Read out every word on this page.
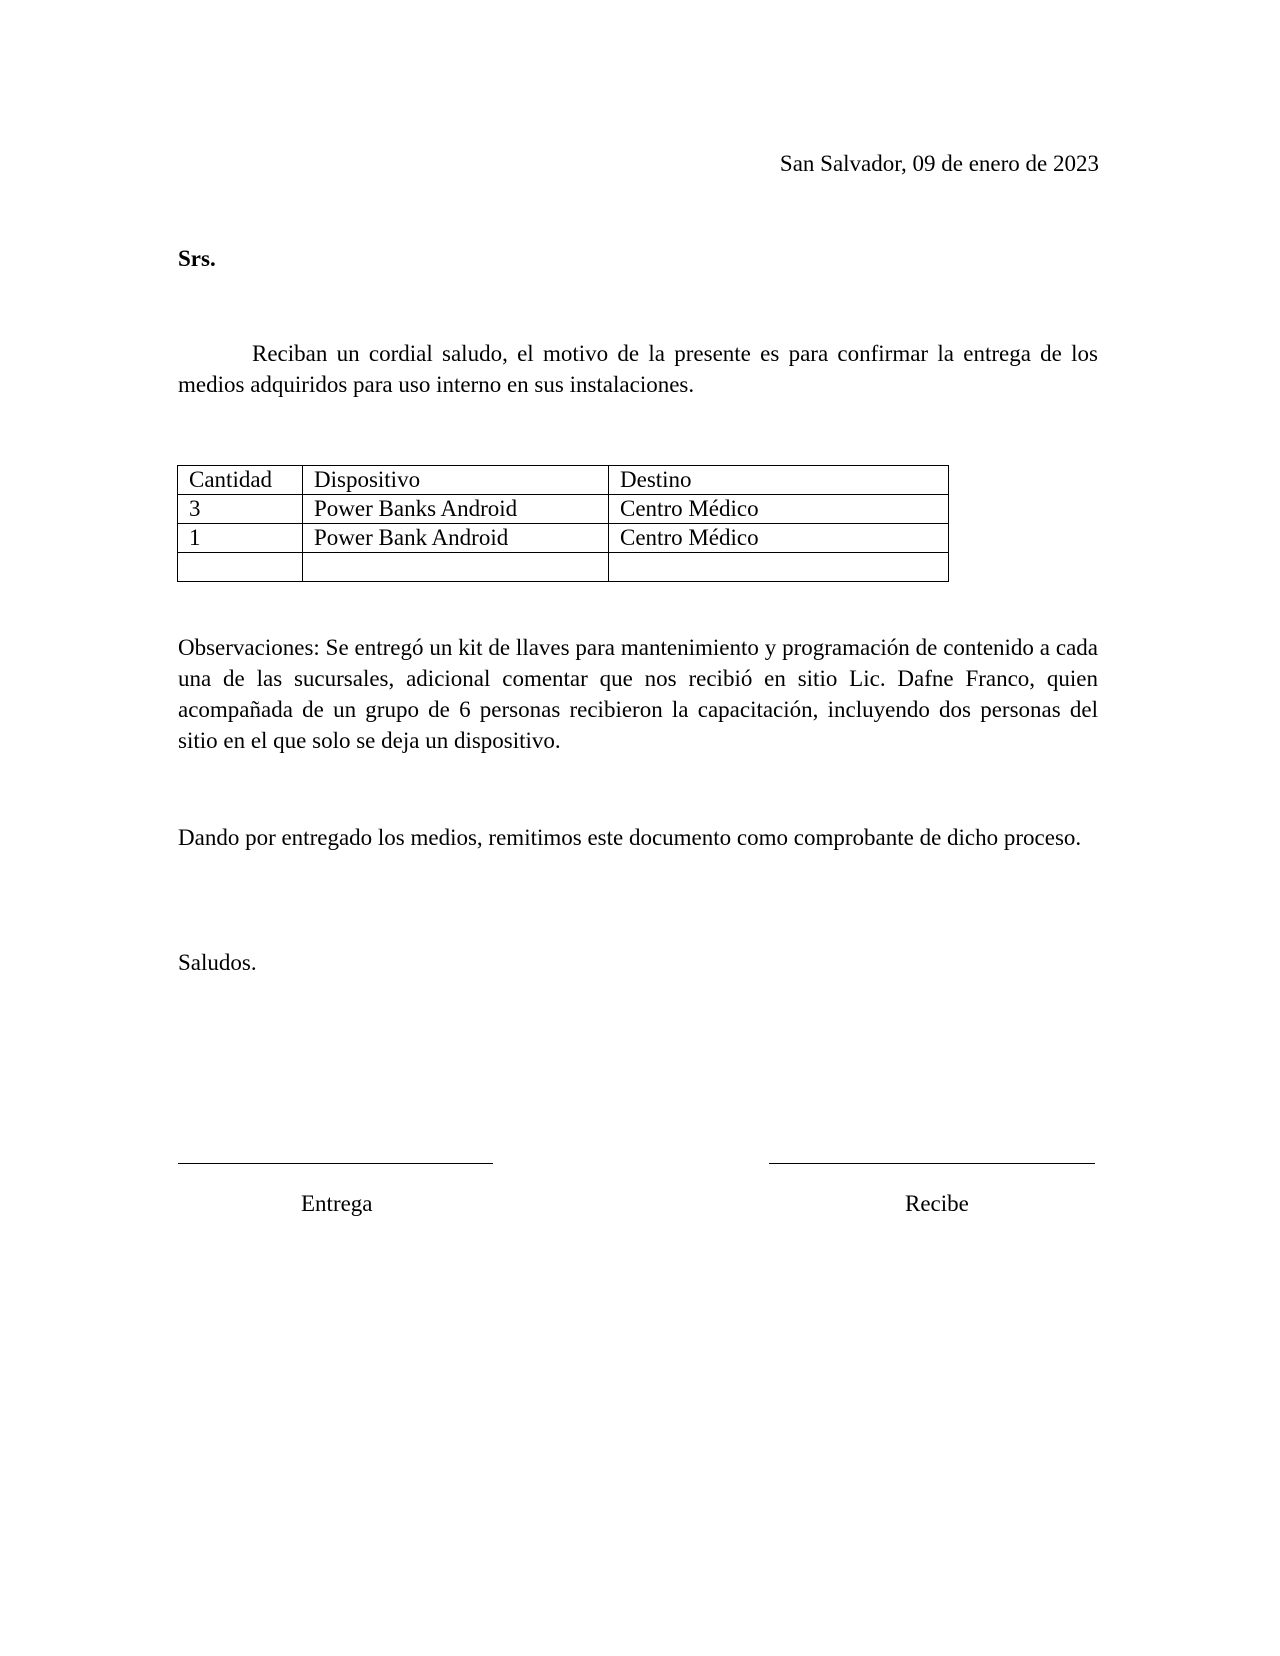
San Salvador, 09 de enero de 2023
Srs.
Reciban un cordial saludo, el motivo de la presente es para confirmar la entrega de los medios adquiridos para uso interno en sus instalaciones.
Cantidad	Dispositivo	Destino
3	Power Banks Android	Centro Médico
1	Power Bank Android	Centro Médico

Observaciones: Se entregó un kit de llaves para mantenimiento y programación de contenido a cada una de las sucursales, adicional comentar que nos recibió en sitio Lic. Dafne Franco, quien acompañada de un grupo de 6 personas recibieron la capacitación, incluyendo dos personas del sitio en el que solo se deja un dispositivo.
Dando por entregado los medios, remitimos este documento como comprobante de dicho proceso.
Saludos.
Entrega	Recibe
